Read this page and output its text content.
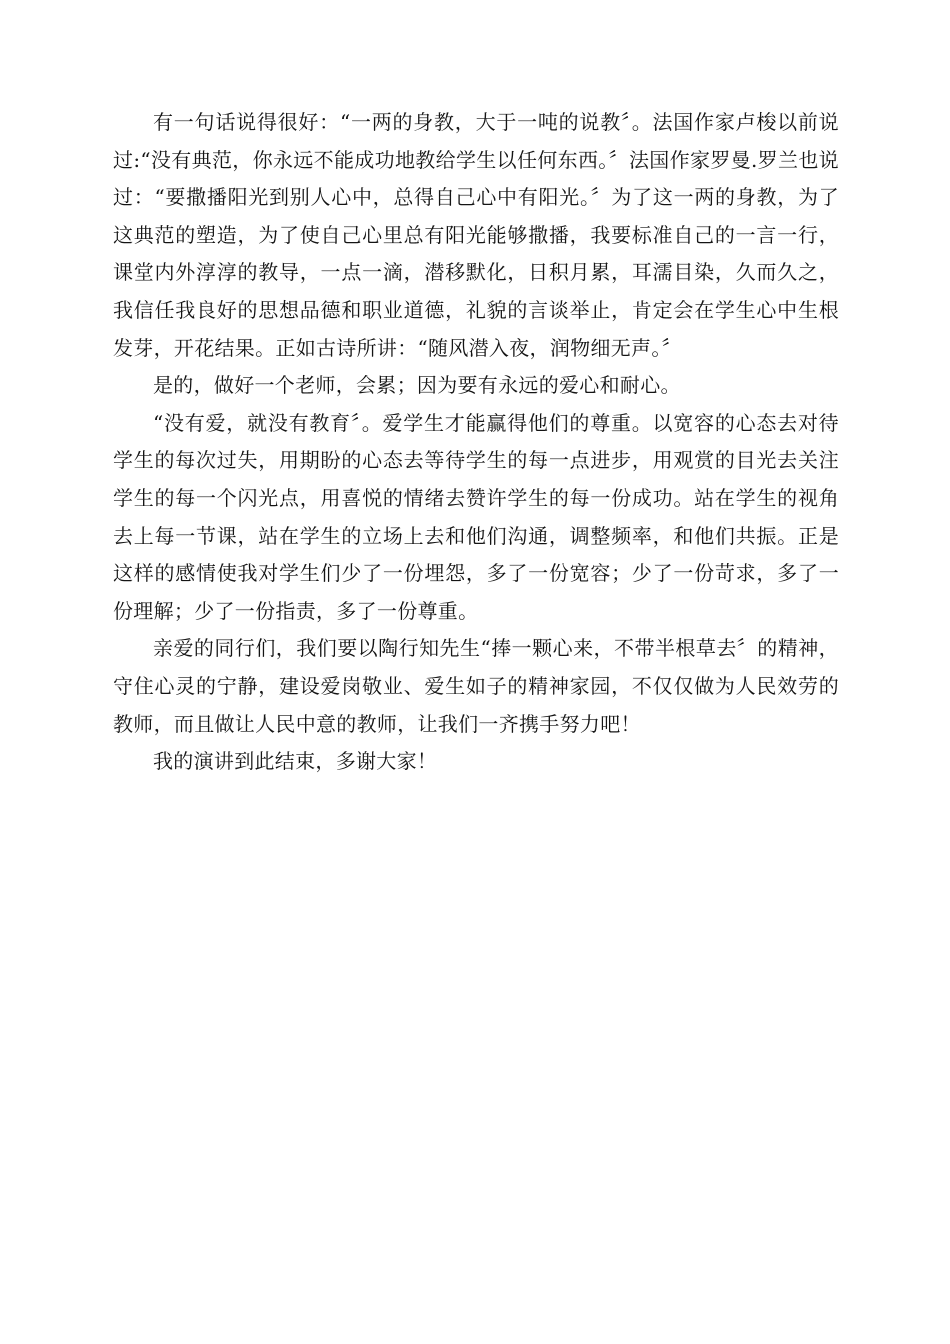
有一句话说得很好：“一两的身教，大于一吨的说教〞。法国作家卢梭以前说过:“没有典范，你永远不能成功地教给学生以任何东西。〞法国作家罗曼.罗兰也说过：“要撒播阳光到别人心中，总得自己心中有阳光。〞为了这一两的身教，为了这典范的塑造，为了使自己心里总有阳光能够撒播，我要标准自己的一言一行，课堂内外淳淳的教导，一点一滴，潜移默化，日积月累，耳濡目染，久而久之，我信任我良好的思想品德和职业道德，礼貌的言谈举止，肯定会在学生心中生根发芽，开花结果。正如古诗所讲：“随风潜入夜，润物细无声。〞

是的，做好一个老师，会累；因为要有永远的爱心和耐心。

“没有爱，就没有教育〞。爱学生才能赢得他们的尊重。以宽容的心态去对待学生的每次过失，用期盼的心态去等待学生的每一点进步，用观赏的目光去关注学生的每一个闪光点，用喜悦的情绪去赞许学生的每一份成功。站在学生的视角去上每一节课，站在学生的立场上去和他们沟通，调整频率，和他们共振。正是这样的感情使我对学生们少了一份埋怨，多了一份宽容；少了一份苛求，多了一份理解；少了一份指责，多了一份尊重。

亲爱的同行们，我们要以陶行知先生“捧一颗心来，不带半根草去〞的精神，守住心灵的宁静，建设爱岗敬业、爱生如子的精神家园，不仅仅做为人民效劳的教师，而且做让人民中意的教师，让我们一齐携手努力吧！

我的演讲到此结束，多谢大家！
